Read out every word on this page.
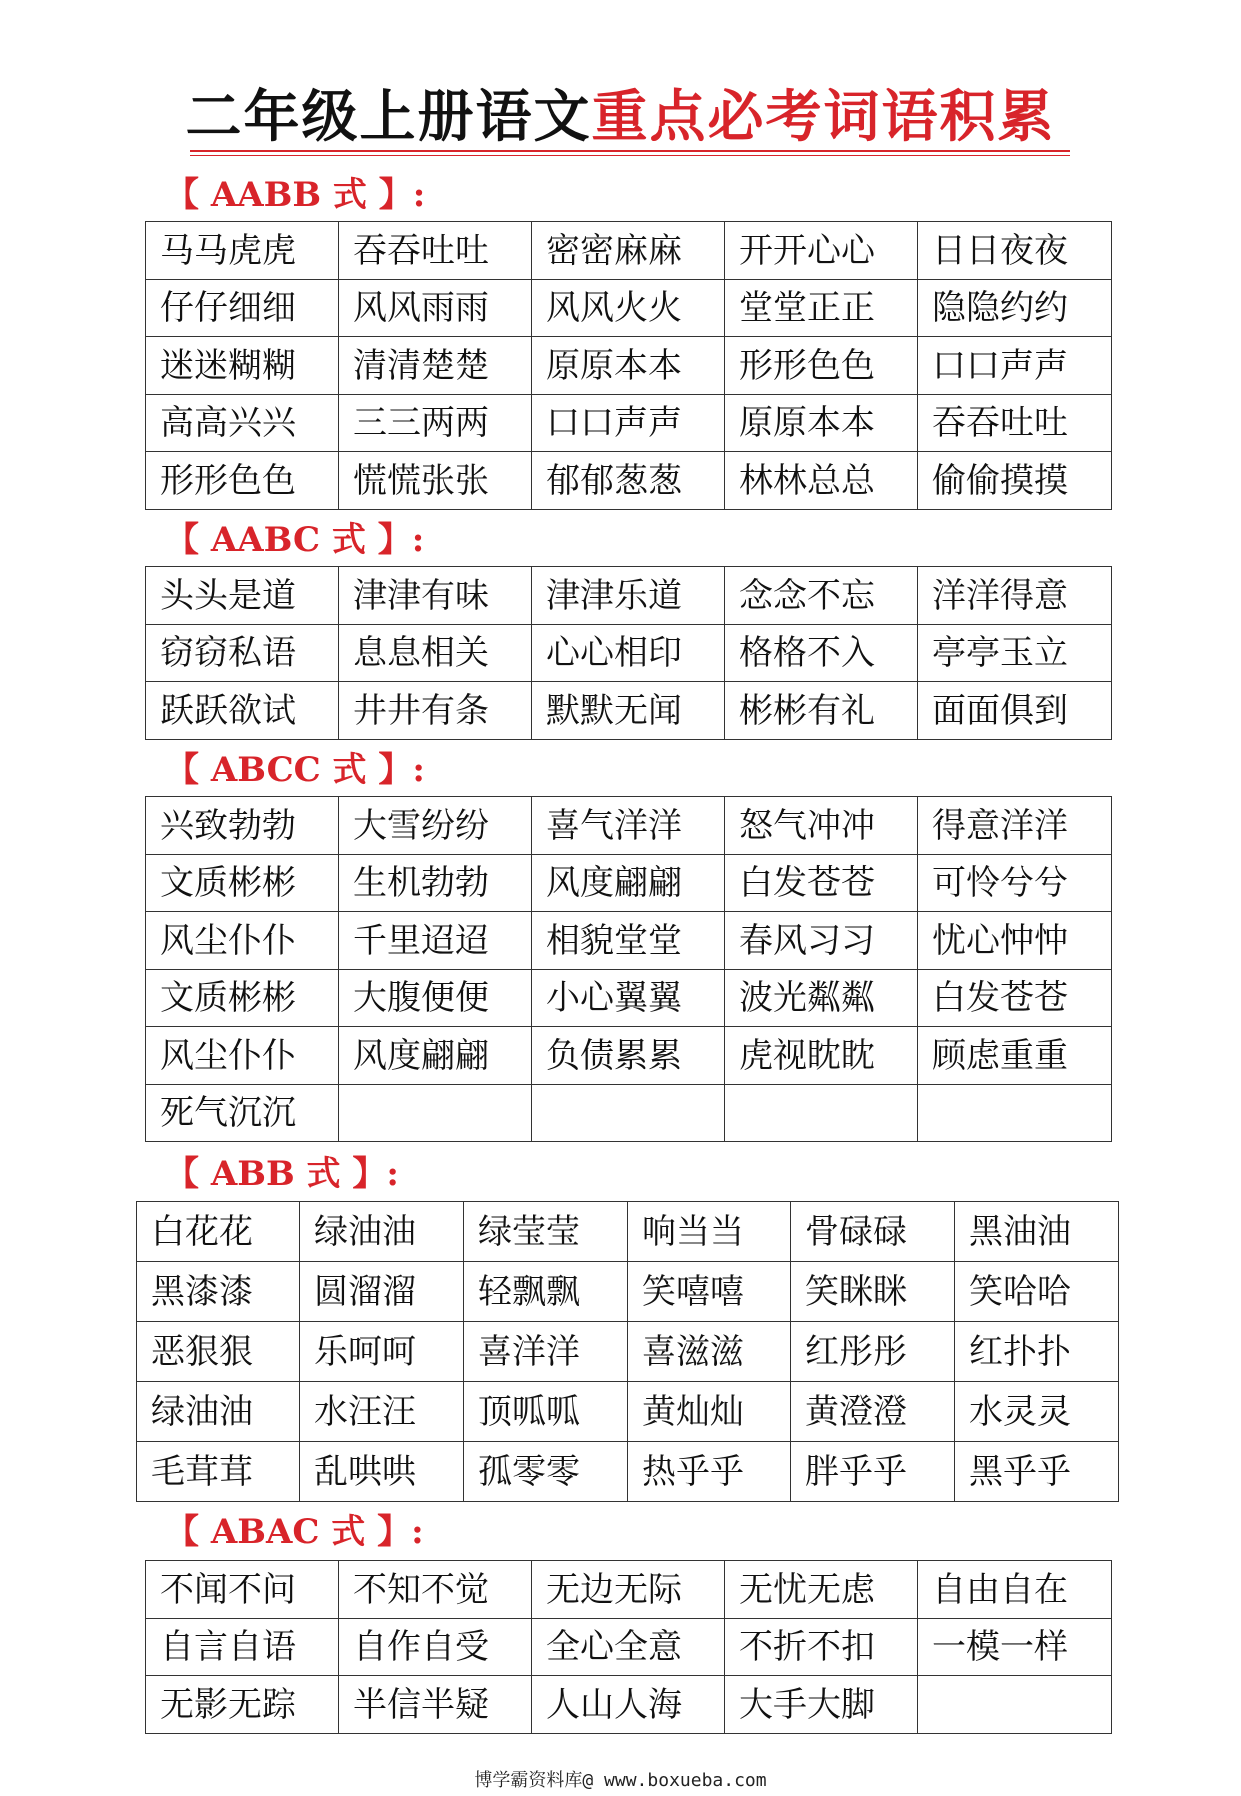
二年级上册语文重点必考词语积累
【 AABB 式 】:
马马虎虎	吞吞吐吐	密密麻麻	开开心心	日日夜夜
仔仔细细	风风雨雨	风风火火	堂堂正正	隐隐约约
迷迷糊糊	清清楚楚	原原本本	形形色色	口口声声
高高兴兴	三三两两	口口声声	原原本本	吞吞吐吐
形形色色	慌慌张张	郁郁葱葱	林林总总	偷偷摸摸
【 AABC 式 】:
头头是道	津津有味	津津乐道	念念不忘	洋洋得意
窃窃私语	息息相关	心心相印	格格不入	亭亭玉立
跃跃欲试	井井有条	默默无闻	彬彬有礼	面面俱到
【 ABCC 式 】:
兴致勃勃	大雪纷纷	喜气洋洋	怒气冲冲	得意洋洋
文质彬彬	生机勃勃	风度翩翩	白发苍苍	可怜兮兮
风尘仆仆	千里迢迢	相貌堂堂	春风习习	忧心忡忡
文质彬彬	大腹便便	小心翼翼	波光粼粼	白发苍苍
风尘仆仆	风度翩翩	负债累累	虎视眈眈	顾虑重重
死气沉沉				
【 ABB 式 】:
白花花	绿油油	绿莹莹	响当当	骨碌碌	黑油油
黑漆漆	圆溜溜	轻飘飘	笑嘻嘻	笑眯眯	笑哈哈
恶狠狠	乐呵呵	喜洋洋	喜滋滋	红彤彤	红扑扑
绿油油	水汪汪	顶呱呱	黄灿灿	黄澄澄	水灵灵
毛茸茸	乱哄哄	孤零零	热乎乎	胖乎乎	黑乎乎
【 ABAC 式 】:
不闻不问	不知不觉	无边无际	无忧无虑	自由自在
自言自语	自作自受	全心全意	不折不扣	一模一样
无影无踪	半信半疑	人山人海	大手大脚	
博学霸资料库@ www.boxueba.com
